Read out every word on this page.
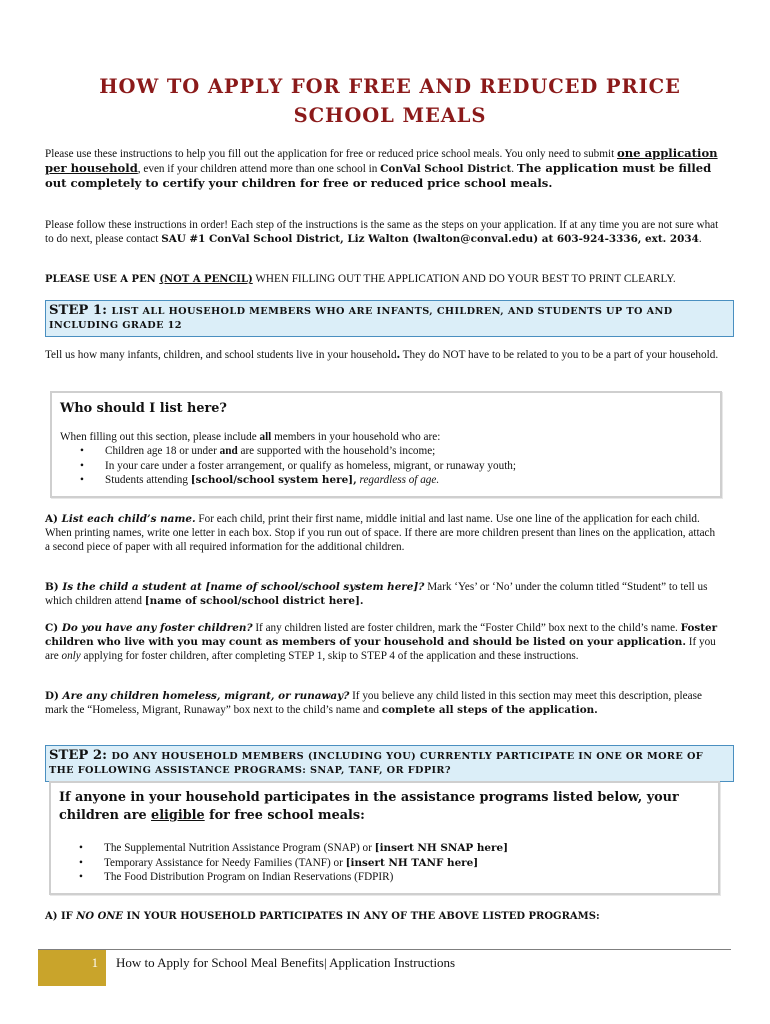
HOW TO APPLY FOR FREE AND REDUCED PRICE SCHOOL MEALS

Please use these instructions to help you fill out the application for free or reduced price school meals. You only need to submit one application per household, even if your children attend more than one school in ConVal School District. The application must be filled out completely to certify your children for free or reduced price school meals.

Please follow these instructions in order! Each step of the instructions is the same as the steps on your application. If at any time you are not sure what to do next, please contact SAU #1 ConVal School District, Liz Walton (lwalton@conval.edu) at 603-924-3336, ext. 2034.

PLEASE USE A PEN (NOT A PENCIL) WHEN FILLING OUT THE APPLICATION AND DO YOUR BEST TO PRINT CLEARLY.

STEP 1: LIST ALL HOUSEHOLD MEMBERS WHO ARE INFANTS, CHILDREN, AND STUDENTS UP TO AND INCLUDING GRADE 12

Tell us how many infants, children, and school students live in your household. They do NOT have to be related to you to be a part of your household.

Who should I list here?

When filling out this section, please include all members in your household who are:

• Children age 18 or under and are supported with the household’s income;
• In your care under a foster arrangement, or qualify as homeless, migrant, or runaway youth;
• Students attending [school/school system here], regardless of age.

A) List each child’s name. For each child, print their first name, middle initial and last name. Use one line of the application for each child. When printing names, write one letter in each box. Stop if you run out of space. If there are more children present than lines on the application, attach a second piece of paper with all required information for the additional children.

B) Is the child a student at [name of school/school system here]? Mark ‘Yes’ or ‘No’ under the column titled “Student” to tell us which children attend [name of school/school district here].

C) Do you have any foster children? If any children listed are foster children, mark the “Foster Child” box next to the child’s name. Foster children who live with you may count as members of your household and should be listed on your application. If you are only applying for foster children, after completing STEP 1, skip to STEP 4 of the application and these instructions.

D) Are any children homeless, migrant, or runaway? If you believe any child listed in this section may meet this description, please mark the “Homeless, Migrant, Runaway” box next to the child’s name and complete all steps of the application.

STEP 2: DO ANY HOUSEHOLD MEMBERS (INCLUDING YOU) CURRENTLY PARTICIPATE IN ONE OR MORE OF THE FOLLOWING ASSISTANCE PROGRAMS: SNAP, TANF, OR FDPIR?
If anyone in your household participates in the assistance programs listed below, your children are eligible for free school meals:
• The Supplemental Nutrition Assistance Program (SNAP) or [insert NH SNAP here]
• Temporary Assistance for Needy Families (TANF) or [insert NH TANF here]
• The Food Distribution Program on Indian Reservations (FDPIR)

A) IF NO ONE IN YOUR HOUSEHOLD PARTICIPATES IN ANY OF THE ABOVE LISTED PROGRAMS:

1	How to Apply for School Meal Benefits| Application Instructions
